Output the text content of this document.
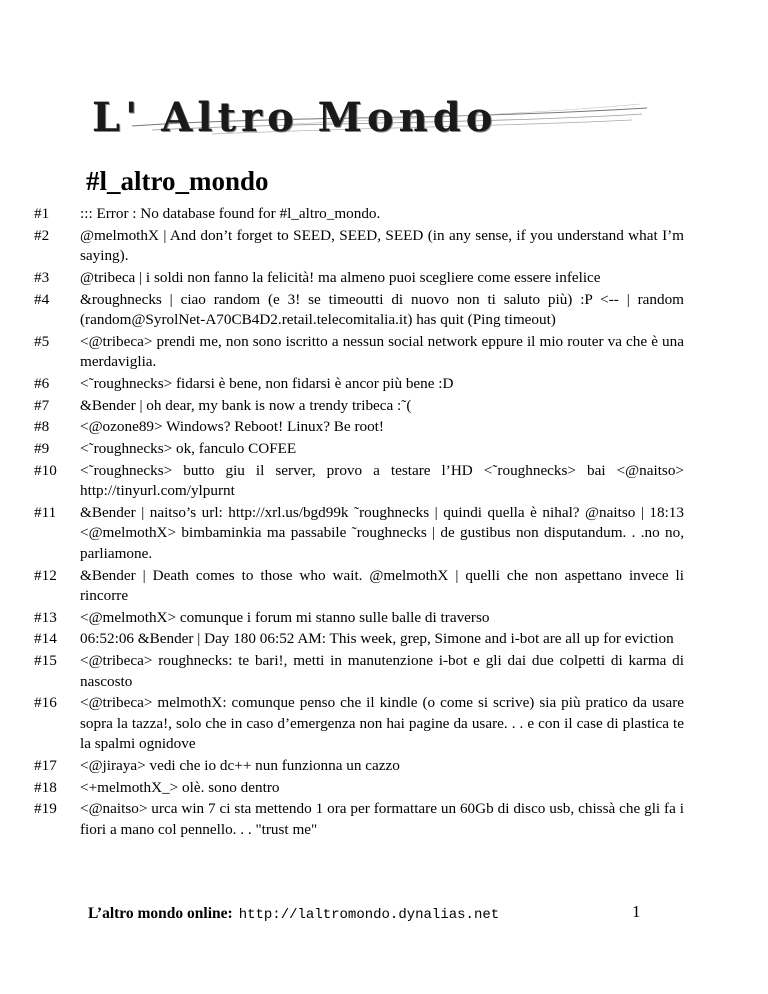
L' Altro Mondo
#l_altro_mondo
#1 ::: Error : No database found for #l_altro_mondo.
#2 @melmothX | And don’t forget to SEED, SEED, SEED (in any sense, if you understand what I’m saying).
#3 @tribeca | i soldi non fanno la felicità! ma almeno puoi scegliere come essere infelice
#4 &roughnecks | ciao random (e 3! se timeoutti di nuovo non ti saluto più) :P <-- | random (random@SyrolNet-A70CB4D2.retail.telecomitalia.it) has quit (Ping timeout)
#5 <@tribeca> prendi me, non sono iscritto a nessun social network eppure il mio router va che è una merdaviglia.
#6 <˜roughnecks> fidarsi è bene, non fidarsi è ancor più bene :D
#7 &Bender | oh dear, my bank is now a trendy tribeca :˜(
#8 <@ozone89> Windows? Reboot! Linux? Be root!
#9 <˜roughnecks> ok, fanculo COFEE
#10 <˜roughnecks> butto giu il server, provo a testare l’HD <˜roughnecks> bai <@naitso> http://tinyurl.com/ylpurnt
#11 &Bender | naitso’s url: http://xrl.us/bgd99k ˜roughnecks | quindi quella è nihal? @naitso | 18:13 <@melmothX> bimbaminkia ma passabile ˜roughnecks | de gustibus non disputandum. . .no no, parliamone.
#12 &Bender | Death comes to those who wait. @melmothX | quelli che non aspettano invece li rincorre
#13 <@melmothX> comunque i forum mi stanno sulle balle di traverso
#14 06:52:06 &Bender | Day 180 06:52 AM: This week, grep, Simone and i-bot are all up for eviction
#15 <@tribeca> roughnecks: te bari!, metti in manutenzione i-bot e gli dai due colpetti di karma di nascosto
#16 <@tribeca> melmothX: comunque penso che il kindle (o come si scrive) sia più pratico da usare sopra la tazza!, solo che in caso d’emergenza non hai pagine da usare. . . e con il case di plastica te la spalmi ognidove
#17 <@jiraya> vedi che io dc++ nun funzionna un cazzo
#18 <+melmothX_> olè. sono dentro
#19 <@naitso> urca win 7 ci sta mettendo 1 ora per formattare un 60Gb di disco usb, chissà che gli fa i fiori a mano col pennello. . . "trust me"
L’altro mondo online: http://laltromondo.dynalias.net	1
